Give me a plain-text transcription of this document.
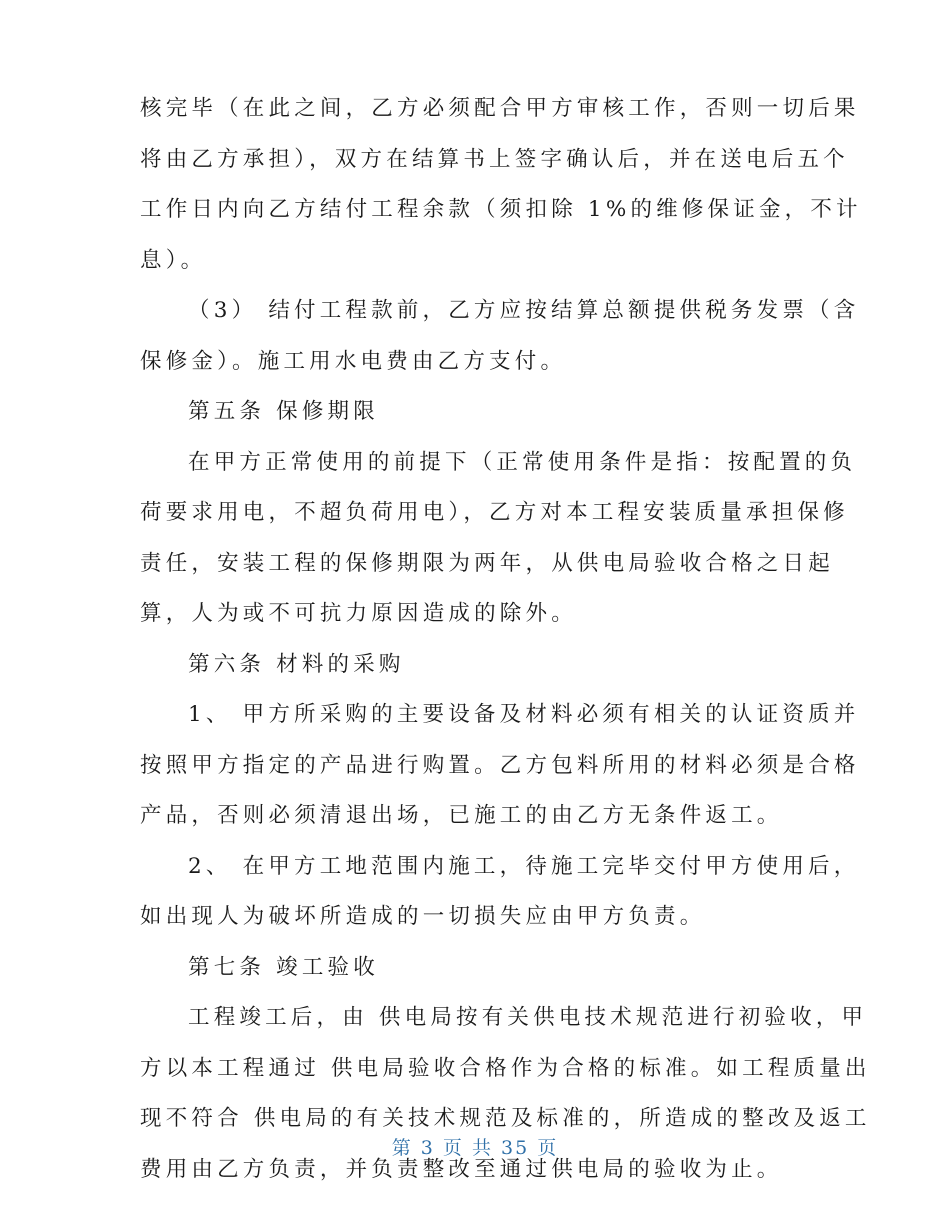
核完毕（在此之间，乙方必须配合甲方审核工作，否则一切后果
将由乙方承担），双方在结算书上签字确认后，并在送电后五个
工作日内向乙方结付工程余款（须扣除 1%的维修保证金，不计
息）。
（3） 结付工程款前，乙方应按结算总额提供税务发票（含
保修金）。施工用水电费由乙方支付。
第五条 保修期限
在甲方正常使用的前提下（正常使用条件是指：按配置的负
荷要求用电，不超负荷用电），乙方对本工程安装质量承担保修
责任，安装工程的保修期限为两年，从供电局验收合格之日起
算，人为或不可抗力原因造成的除外。
第六条 材料的采购
1、 甲方所采购的主要设备及材料必须有相关的认证资质并
按照甲方指定的产品进行购置。乙方包料所用的材料必须是合格
产品，否则必须清退出场，已施工的由乙方无条件返工。
2、 在甲方工地范围内施工，待施工完毕交付甲方使用后，
如出现人为破坏所造成的一切损失应由甲方负责。
第七条 竣工验收
工程竣工后，由 供电局按有关供电技术规范进行初验收，甲
方以本工程通过 供电局验收合格作为合格的标准。如工程质量出
现不符合 供电局的有关技术规范及标准的，所造成的整改及返工
费用由乙方负责，并负责整改至通过供电局的验收为止。
第 3 页 共 35 页
